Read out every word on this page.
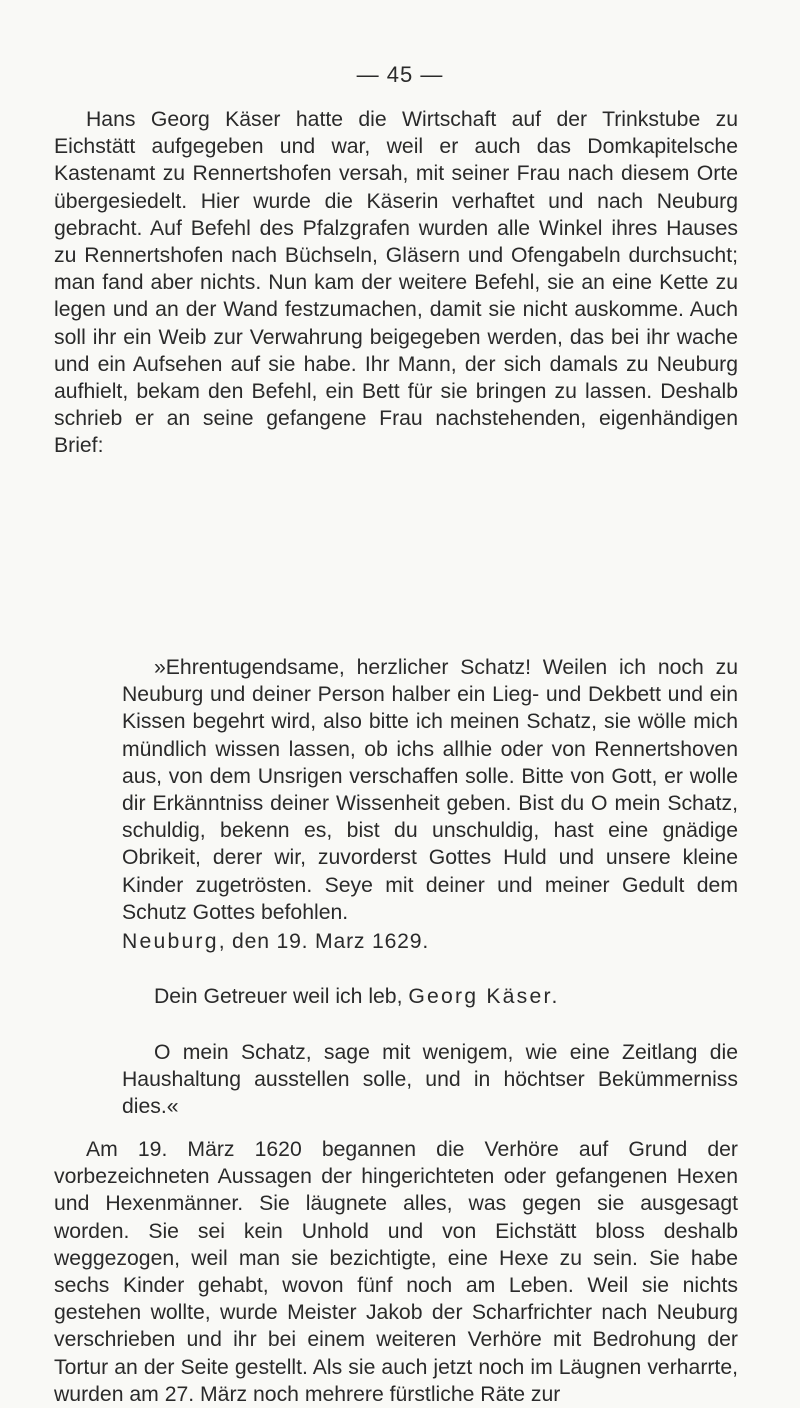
— 45 —

Hans Georg Käser hatte die Wirtschaft auf der Trinkstube zu Eichstätt aufgegeben und war, weil er auch das Domkapitelsche Kastenamt zu Rennertshofen versah, mit seiner Frau nach diesem Orte übergesiedelt. Hier wurde die Käserin verhaftet und nach Neuburg gebracht. Auf Befehl des Pfalzgrafen wurden alle Winkel ihres Hauses zu Rennertshofen nach Büchseln, Gläsern und Ofengabeln durchsucht; man fand aber nichts. Nun kam der weitere Befehl, sie an eine Kette zu legen und an der Wand festzumachen, damit sie nicht auskomme. Auch soll ihr ein Weib zur Verwahrung beigegeben werden, das bei ihr wache und ein Aufsehen auf sie habe. Ihr Mann, der sich damals zu Neuburg aufhielt, bekam den Befehl, ein Bett für sie bringen zu lassen. Deshalb schrieb er an seine gefangene Frau nachstehenden, eigenhändigen Brief:

»Ehrentugendsame, herzlicher Schatz! Weilen ich noch zu Neuburg und deiner Person halber ein Lieg- und Dekbett und ein Kissen begehrt wird, also bitte ich meinen Schatz, sie wölle mich mündlich wissen lassen, ob ichs allhie oder von Rennertshoven aus, von dem Unsrigen verschaffen solle. Bitte von Gott, er wolle dir Erkänntniss deiner Wissenheit geben. Bist du O mein Schatz, schuldig, bekenn es, bist du unschuldig, hast eine gnädige Obrikeit, derer wir, zuvorderst Gottes Huld und unsere kleine Kinder zugetrösten. Seye mit deiner und meiner Gedult dem Schutz Gottes befohlen.

Neuburg, den 19. Marz 1629.
Dein Getreuer weil ich leb, Georg Käser.

O mein Schatz, sage mit wenigem, wie eine Zeitlang die Haushaltung ausstellen solle, und in höchtser Bekümmerniss dies.«

Am 19. März 1620 begannen die Verhöre auf Grund der vorbezeichneten Aussagen der hingerichteten oder gefangenen Hexen und Hexenmänner. Sie läugnete alles, was gegen sie ausgesagt worden. Sie sei kein Unhold und von Eichstätt bloss deshalb weggezogen, weil man sie bezichtigte, eine Hexe zu sein. Sie habe sechs Kinder gehabt, wovon fünf noch am Leben. Weil sie nichts gestehen wollte, wurde Meister Jakob der Scharfrichter nach Neuburg verschrieben und ihr bei einem weiteren Verhöre mit Bedrohung der Tortur an der Seite gestellt. Als sie auch jetzt noch im Läugnen verharrte, wurden am 27. März noch mehrere fürstliche Räte zur
